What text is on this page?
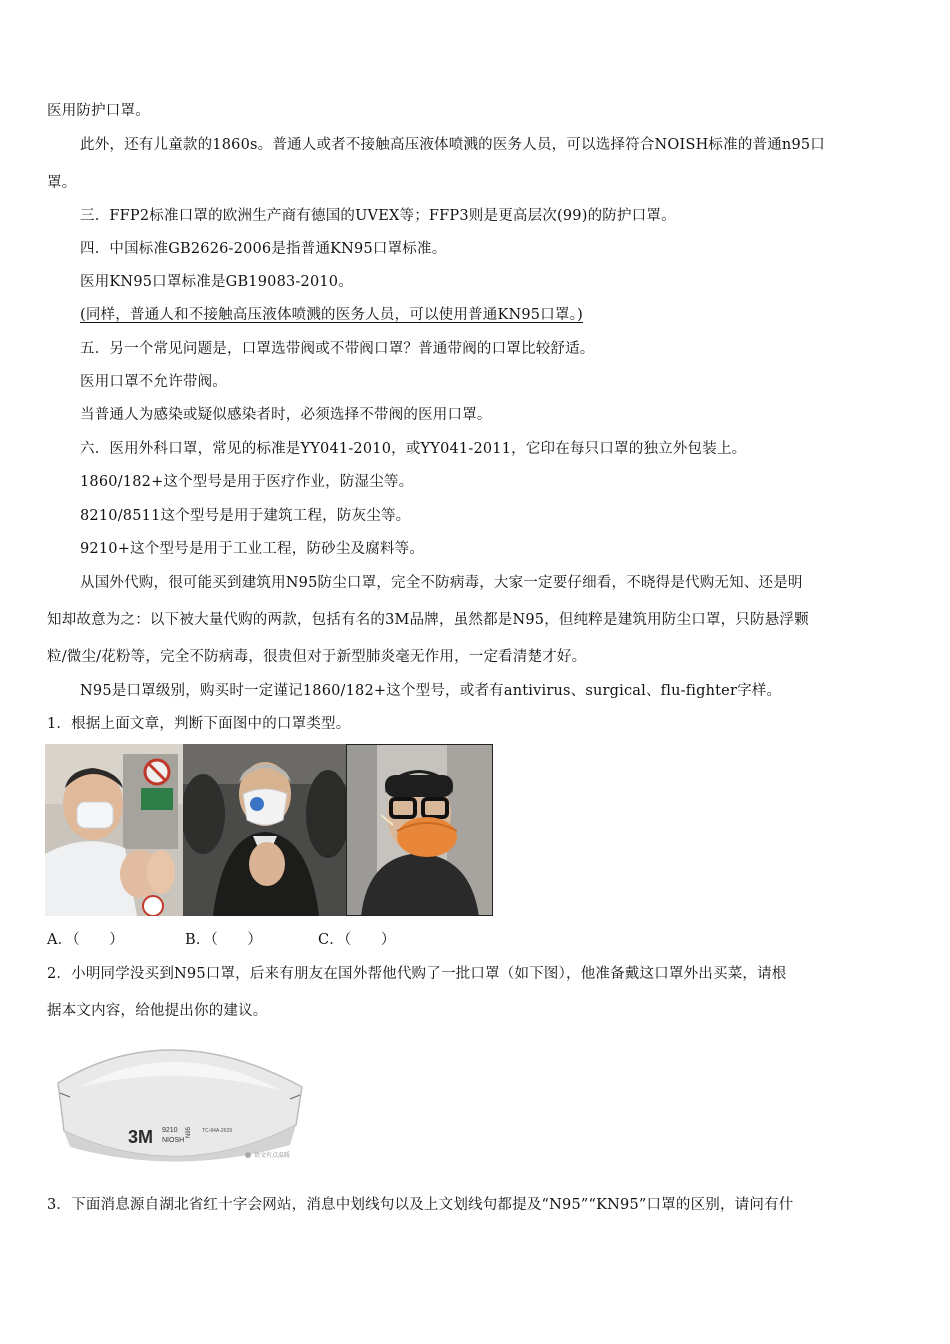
医用防护口罩。
此外，还有儿童款的1860s。普通人或者不接触高压液体喷溅的医务人员，可以选择符合NOISH标准的普通n95口
罩。
三．FFP2标准口罩的欧洲生产商有德国的UVEX等；FFP3则是更高层次(99)的防护口罩。
四．中国标准GB2626-2006是指普通KN95口罩标准。
医用KN95口罩标准是GB19083-2010。
(同样，普通人和不接触高压液体喷溅的医务人员，可以使用普通KN95口罩。)
五．另一个常见问题是，口罩选带阀或不带阀口罩？普通带阀的口罩比较舒适。
医用口罩不允许带阀。
当普通人为感染或疑似感染者时，必须选择不带阀的医用口罩。
六．医用外科口罩，常见的标准是YY041-2010，或YY041-2011，它印在每只口罩的独立外包装上。
1860/182+这个型号是用于医疗作业，防湿尘等。
8210/8511这个型号是用于建筑工程，防灰尘等。
9210+这个型号是用于工业工程，防砂尘及腐料等。
从国外代购，很可能买到建筑用N95防尘口罩，完全不防病毒，大家一定要仔细看，不晓得是代购无知、还是明
知却故意为之：以下被大量代购的两款，包括有名的3M品牌，虽然都是N95，但纯粹是建筑用防尘口罩，只防悬浮颗
粒/微尘/花粉等，完全不防病毒，很贵但对于新型肺炎毫无作用，一定看清楚才好。
N95是口罩级别，购买时一定谨记1860/182+这个型号，或者有antivirus、surgical、flu-fighter字样。
1．根据上面文章，判断下面图中的口罩类型。
A．（　　）	B．（　　）	C．（　　）
2．小明同学没买到N95口罩，后来有朋友在国外帮他代购了一批口罩（如下图），他准备戴这口罩外出买菜，请根
据本文内容，给他提出你的建议。
3M 9210
NIOSH
N95 TC-84A-2629
语文有点温暖
3．下面消息源自湖北省红十字会网站，消息中划线句以及上文划线句都提及“N95”“KN95”口罩的区别，请问有什
